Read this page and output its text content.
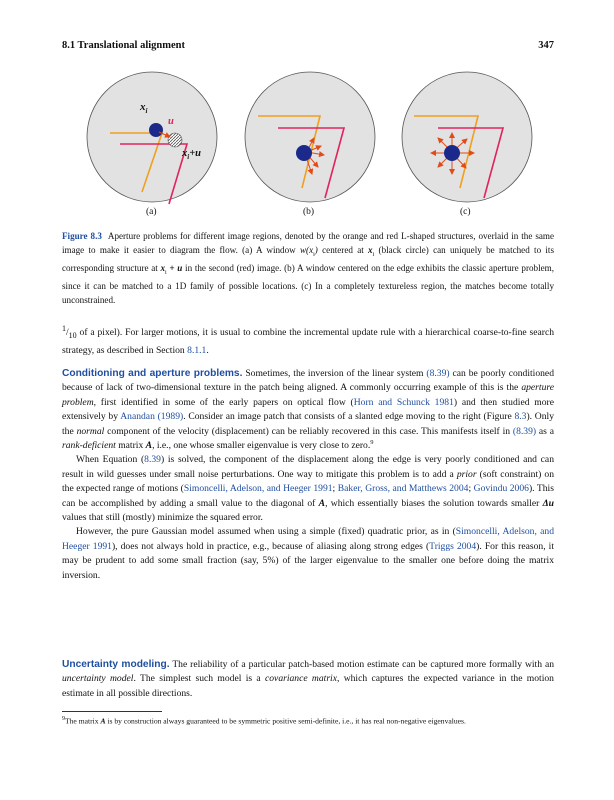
8.1 Translational alignment	347
$x_i$
u
$x_i+u$
(a)	(b)	(c)
Figure 8.3 Aperture problems for different image regions, denoted by the orange and red L-shaped structures, overlaid in the same image to make it easier to diagram the flow. (a) A window $w(x_i)$ centered at $x_i$ (black circle) can uniquely be matched to its corresponding structure at $x_i + u$ in the second (red) image. (b) A window centered on the edge exhibits the classic aperture problem, since it can be matched to a 1D family of possible locations. (c) In a completely textureless region, the matches become totally unconstrained.

$^1/_{10}$ of a pixel). For larger motions, it is usual to combine the incremental update rule with a hierarchical coarse-to-fine search strategy, as described in Section 8.1.1.

Conditioning and aperture problems. Sometimes, the inversion of the linear system (8.39) can be poorly conditioned because of lack of two-dimensional texture in the patch being aligned. A commonly occurring example of this is the aperture problem, first identified in some of the early papers on optical flow (Horn and Schunck 1981) and then studied more extensively by Anandan (1989). Consider an image patch that consists of a slanted edge moving to the right (Figure 8.3). Only the normal component of the velocity (displacement) can be reliably recovered in this case. This manifests itself in (8.39) as a rank-deficient matrix A, i.e., one whose smaller eigenvalue is very close to zero.$^9$

When Equation (8.39) is solved, the component of the displacement along the edge is very poorly conditioned and can result in wild guesses under small noise perturbations. One way to mitigate this problem is to add a prior (soft constraint) on the expected range of motions (Simoncelli, Adelson, and Heeger 1991; Baker, Gross, and Matthews 2004; Govindu 2006). This can be accomplished by adding a small value to the diagonal of A, which essentially biases the solution towards smaller Δu values that still (mostly) minimize the squared error.

However, the pure Gaussian model assumed when using a simple (fixed) quadratic prior, as in (Simoncelli, Adelson, and Heeger 1991), does not always hold in practice, e.g., because of aliasing along strong edges (Triggs 2004). For this reason, it may be prudent to add some small fraction (say, 5%) of the larger eigenvalue to the smaller one before doing the matrix inversion.

Uncertainty modeling. The reliability of a particular patch-based motion estimate can be captured more formally with an uncertainty model. The simplest such model is a covariance matrix, which captures the expected variance in the motion estimate in all possible directions.

$^9$The matrix A is by construction always guaranteed to be symmetric positive semi-definite, i.e., it has real non-negative eigenvalues.
